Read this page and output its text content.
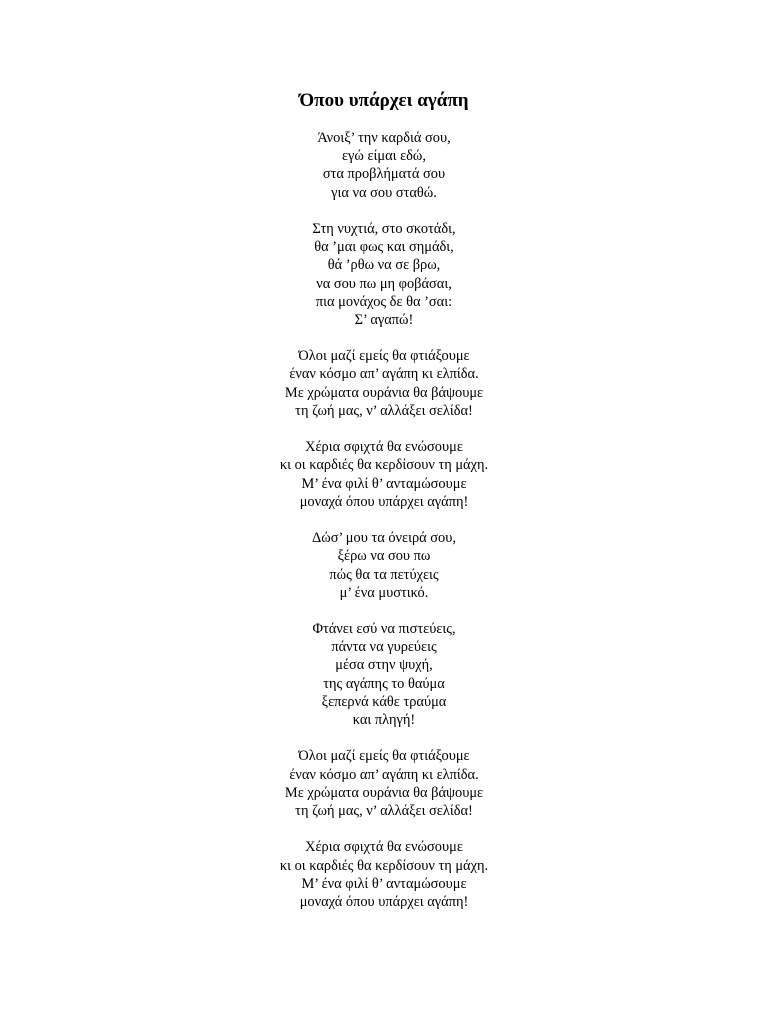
Όπου υπάρχει αγάπη
Άνοιξ’ την καρδιά σου,
εγώ είμαι εδώ,
στα προβλήματά σου
για να σου σταθώ.
Στη νυχτιά, στο σκοτάδι,
θα ’μαι φως και σημάδι,
θά ’ρθω να σε βρω,
να σου πω μη φοβάσαι,
πια μονάχος δε θα ’σαι:
Σ’ αγαπώ!
Όλοι μαζί εμείς θα φτιάξουμε
έναν κόσμο απ’ αγάπη κι ελπίδα.
Με χρώματα ουράνια θα βάψουμε
τη ζωή μας, ν’ αλλάξει σελίδα!
Χέρια σφιχτά θα ενώσουμε
κι οι καρδιές θα κερδίσουν τη μάχη.
Μ’ ένα φιλί θ’ ανταμώσουμε
μοναχά όπου υπάρχει αγάπη!
Δώσ’ μου τα όνειρά σου,
ξέρω να σου πω
πώς θα τα πετύχεις
μ’ ένα μυστικό.
Φτάνει εσύ να πιστεύεις,
πάντα να γυρεύεις
μέσα στην ψυχή,
της αγάπης το θαύμα
ξεπερνά κάθε τραύμα
και πληγή!
Όλοι μαζί εμείς θα φτιάξουμε
έναν κόσμο απ’ αγάπη κι ελπίδα.
Με χρώματα ουράνια θα βάψουμε
τη ζωή μας, ν’ αλλάξει σελίδα!
Χέρια σφιχτά θα ενώσουμε
κι οι καρδιές θα κερδίσουν τη μάχη.
Μ’ ένα φιλί θ’ ανταμώσουμε
μοναχά όπου υπάρχει αγάπη!
